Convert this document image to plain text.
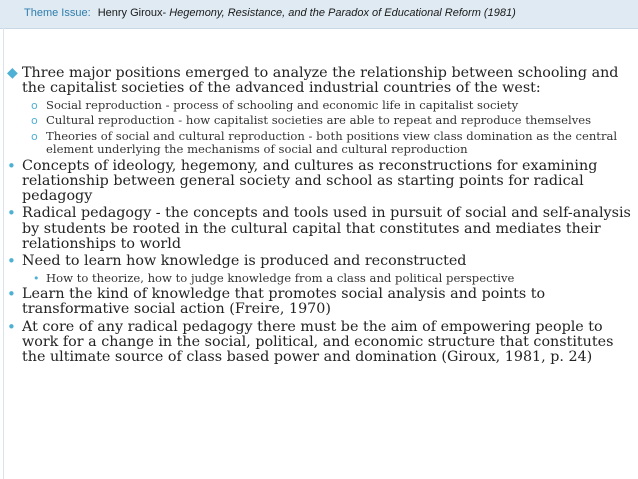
Theme Issue: Henry Giroux- Hegemony, Resistance, and the Paradox of Educational Reform (1981)
◆ Three major positions emerged to analyze the relationship between schooling and the capitalist societies of the advanced industrial countries of the west:
o Social reproduction - process of schooling and economic life in capitalist society
o Cultural reproduction - how capitalist societies are able to repeat and reproduce themselves
o Theories of social and cultural reproduction - both positions view class domination as the central element underlying the mechanisms of social and cultural reproduction
• Concepts of ideology, hegemony, and cultures as reconstructions for examining relationship between general society and school as starting points for radical pedagogy
• Radical pedagogy - the concepts and tools used in pursuit of social and self-analysis by students be rooted in the cultural capital that constitutes and mediates their relationships to world
• Need to learn how knowledge is produced and reconstructed
• How to theorize, how to judge knowledge from a class and political perspective
• Learn the kind of knowledge that promotes social analysis and points to transformative social action (Freire, 1970)
• At core of any radical pedagogy there must be the aim of empowering people to work for a change in the social, political, and economic structure that constitutes the ultimate source of class based power and domination (Giroux, 1981, p. 24)
